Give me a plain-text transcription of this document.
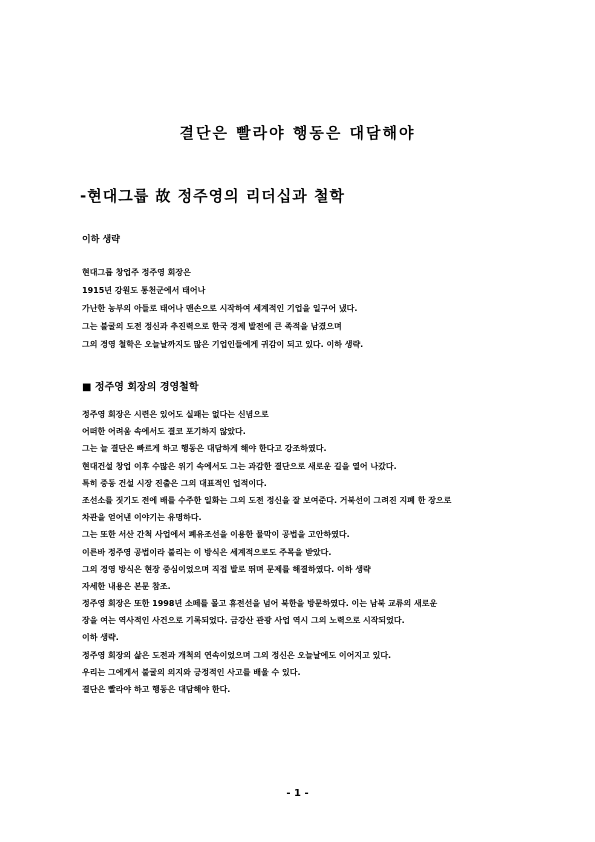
결단은 빨라야 행동은 대담해야
-현대그룹 故 정주영의 리더십과 철학
이하 생략

현대그룹 창업주 정주영 회장은

1915년 강원도 통천군에서 태어나

가난한 농부의 아들로 태어나 맨손으로 시작하여 세계적인 기업을 일구어 냈다.

그는 불굴의 도전 정신과 추진력으로 한국 경제 발전에 큰 족적을 남겼으며

그의 경영 철학은 오늘날까지도 많은 기업인들에게 귀감이 되고 있다. 이하 생략.

■ 정주영 회장의 경영철학

정주영 회장은 시련은 있어도 실패는 없다는 신념으로

어떠한 어려움 속에서도 결코 포기하지 않았다.

그는 늘 결단은 빠르게 하고 행동은 대담하게 해야 한다고 강조하였다.

현대건설 창업 이후 수많은 위기 속에서도 그는 과감한 결단으로 새로운 길을 열어 나갔다.

특히 중동 건설 시장 진출은 그의 대표적인 업적이다.

조선소를 짓기도 전에 배를 수주한 일화는 그의 도전 정신을 잘 보여준다. 거북선이 그려진 지폐 한 장으로

차관을 얻어낸 이야기는 유명하다.

그는 또한 서산 간척 사업에서 폐유조선을 이용한 물막이 공법을 고안하였다.

이른바 정주영 공법이라 불리는 이 방식은 세계적으로도 주목을 받았다.

그의 경영 방식은 현장 중심이었으며 직접 발로 뛰며 문제를 해결하였다. 이하 생략

자세한 내용은 본문 참조.

정주영 회장은 또한 1998년 소떼를 몰고 휴전선을 넘어 북한을 방문하였다. 이는 남북 교류의 새로운

장을 여는 역사적인 사건으로 기록되었다. 금강산 관광 사업 역시 그의 노력으로 시작되었다.

이하 생략.

정주영 회장의 삶은 도전과 개척의 연속이었으며 그의 정신은 오늘날에도 이어지고 있다.

우리는 그에게서 불굴의 의지와 긍정적인 사고를 배울 수 있다.

결단은 빨라야 하고 행동은 대담해야 한다.

- 1 -
